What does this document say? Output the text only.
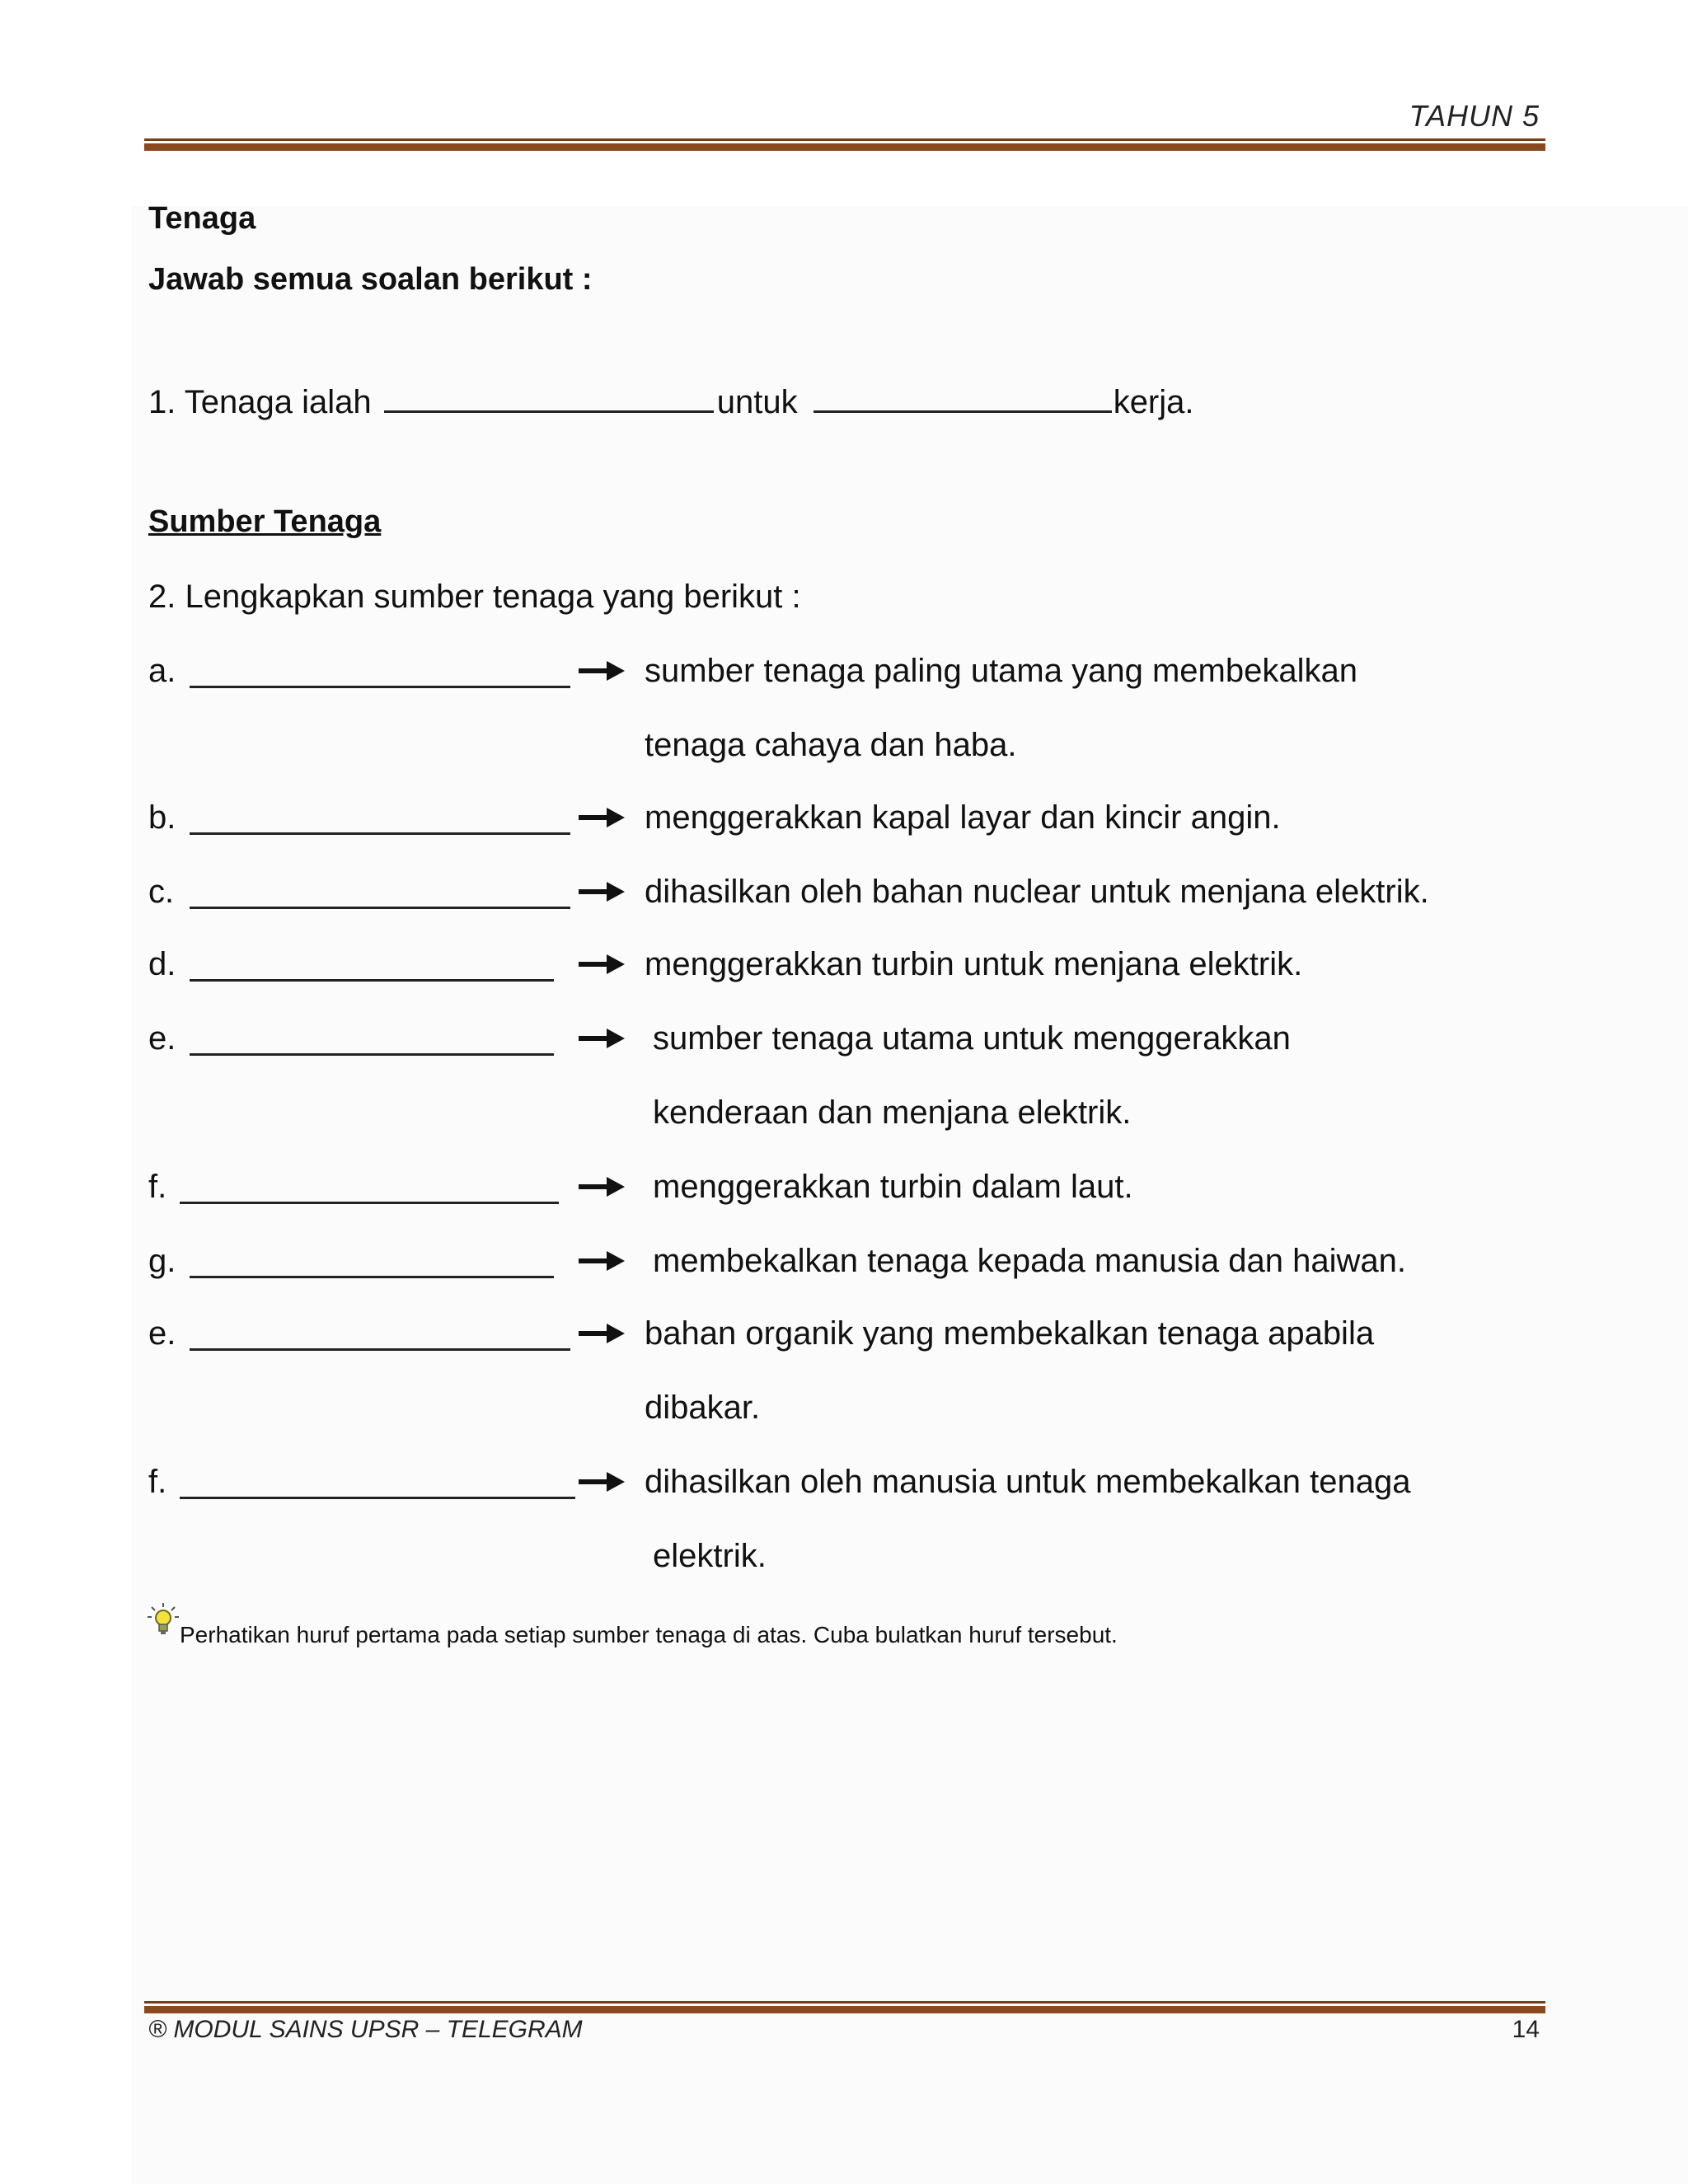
TAHUN 5
Tenaga
Jawab semua soalan berikut :
1. Tenaga ialah	untuk	kerja.
Sumber Tenaga
2. Lengkapkan sumber tenaga yang berikut :
a.	sumber tenaga paling utama yang membekalkan
tenaga cahaya dan haba.
b.	menggerakkan kapal layar dan kincir angin.
c.	dihasilkan oleh bahan nuclear untuk menjana elektrik.
d.	menggerakkan turbin untuk menjana elektrik.
e.	sumber tenaga utama untuk menggerakkan
kenderaan dan menjana elektrik.
f.	menggerakkan turbin dalam laut.
g.	membekalkan tenaga kepada manusia dan haiwan.
e.	bahan organik yang membekalkan tenaga apabila
dibakar.
f.	dihasilkan oleh manusia untuk membekalkan tenaga
elektrik.
Perhatikan huruf pertama pada setiap sumber tenaga di atas. Cuba bulatkan huruf tersebut.
® MODUL SAINS UPSR – TELEGRAM	14
